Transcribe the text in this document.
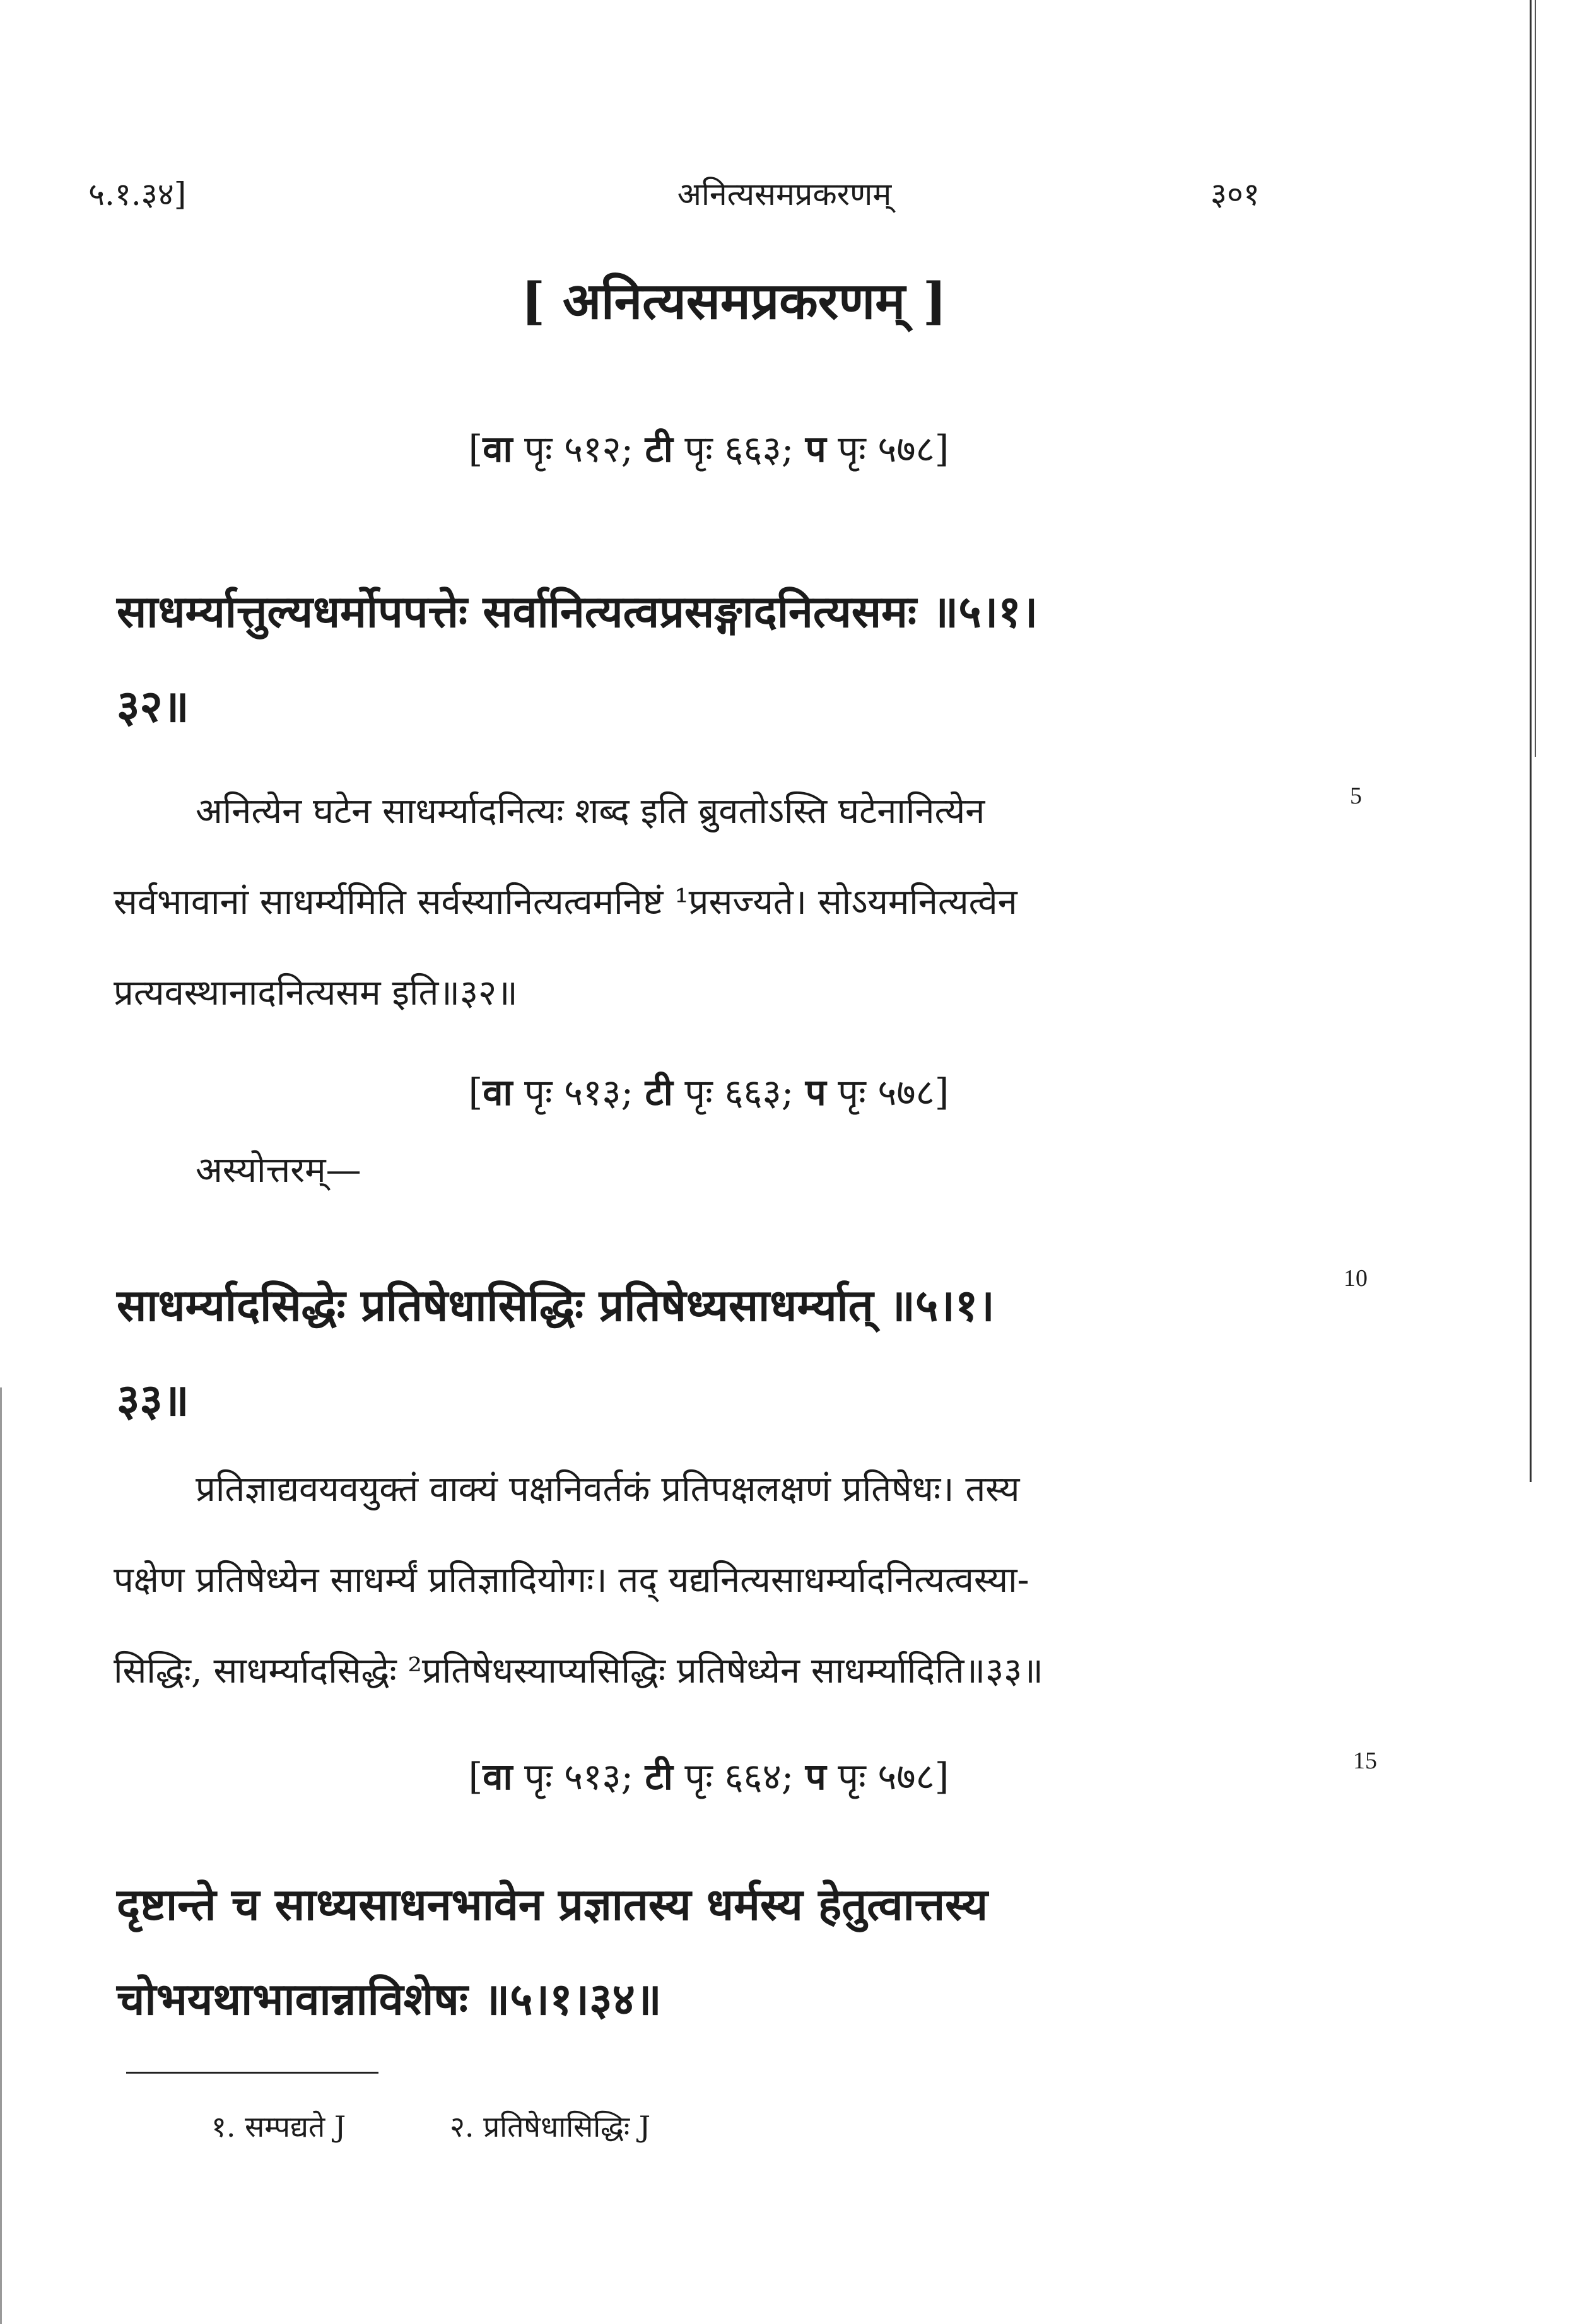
५.१.३४]	अनित्यसमप्रकरणम्	३०१
[ अनित्यसमप्रकरणम् ]
[वा पृः ५१२; टी पृः ६६३; प पृः ५७८]
साधर्म्यात्तुल्यधर्मोपपत्तेः सर्वानित्यत्वप्रसङ्गादनित्यसमः ॥५।१।
३२॥
अनित्येन घटेन साधर्म्यादनित्यः शब्द इति ब्रुवतोऽस्ति घटेनानित्येन
सर्वभावानां साधर्म्यमिति सर्वस्यानित्यत्वमनिष्टं ¹प्रसज्यते। सोऽयमनित्यत्वेन
प्रत्यवस्थानादनित्यसम इति॥३२॥
5
[वा पृः ५१३; टी पृः ६६३; प पृः ५७८]
अस्योत्तरम्—
साधर्म्यादसिद्धेः प्रतिषेधासिद्धिः प्रतिषेध्यसाधर्म्यात् ॥५।१।
३३॥
10
प्रतिज्ञाद्यवयवयुक्तं वाक्यं पक्षनिवर्तकं प्रतिपक्षलक्षणं प्रतिषेधः। तस्य
पक्षेण प्रतिषेध्येन साधर्म्यं प्रतिज्ञादियोगः। तद् यद्यनित्यसाधर्म्यादनित्यत्वस्या-
सिद्धिः, साधर्म्यादसिद्धेः ²प्रतिषेधस्याप्यसिद्धिः प्रतिषेध्येन साधर्म्यादिति॥३३॥
[वा पृः ५१३; टी पृः ६६४; प पृः ५७८]	15
दृष्टान्ते च साध्यसाधनभावेन प्रज्ञातस्य धर्मस्य हेतुत्वात्तस्य
चोभयथाभावान्नाविशेषः ॥५।१।३४॥
१. सम्पद्यते J	२. प्रतिषेधासिद्धिः J
